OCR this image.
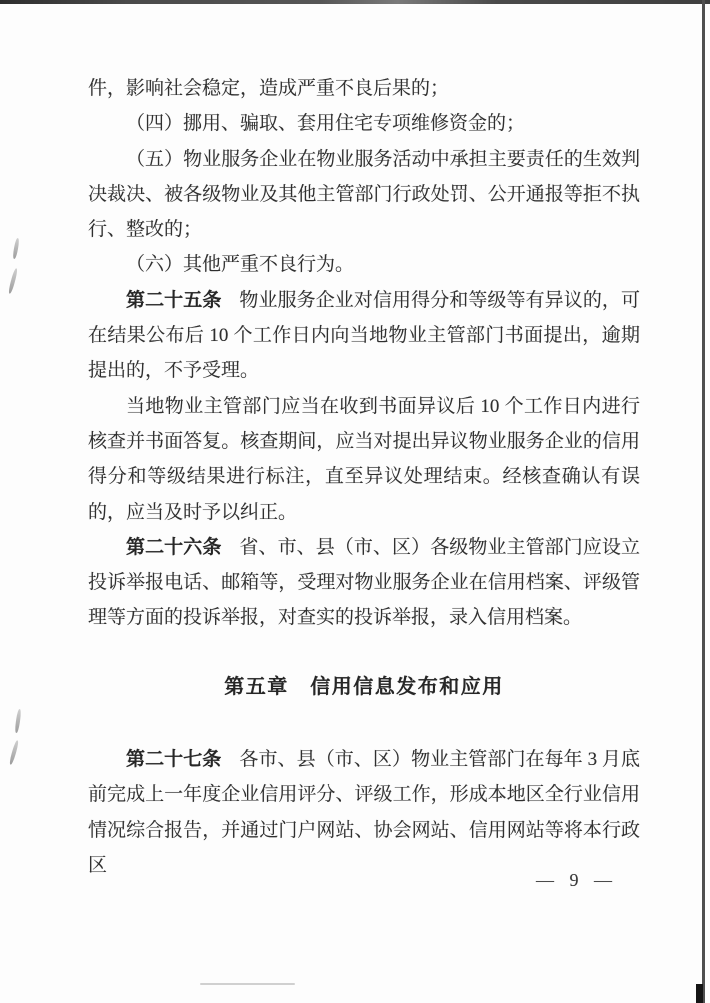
件，影响社会稳定，造成严重不良后果的；

（四）挪用、骗取、套用住宅专项维修资金的；

（五）物业服务企业在物业服务活动中承担主要责任的生效判决裁决、被各级物业及其他主管部门行政处罚、公开通报等拒不执行、整改的；

（六）其他严重不良行为。

第二十五条 物业服务企业对信用得分和等级等有异议的，可在结果公布后 10 个工作日内向当地物业主管部门书面提出，逾期提出的，不予受理。

当地物业主管部门应当在收到书面异议后 10 个工作日内进行核查并书面答复。核查期间，应当对提出异议物业服务企业的信用得分和等级结果进行标注，直至异议处理结束。经核查确认有误的，应当及时予以纠正。

第二十六条 省、市、县（市、区）各级物业主管部门应设立投诉举报电话、邮箱等，受理对物业服务企业在信用档案、评级管理等方面的投诉举报，对查实的投诉举报，录入信用档案。

第五章　信用信息发布和应用

第二十七条 各市、县（市、区）物业主管部门在每年 3 月底前完成上一年度企业信用评分、评级工作，形成本地区全行业信用情况综合报告，并通过门户网站、协会网站、信用网站等将本行政区

— 9 —
